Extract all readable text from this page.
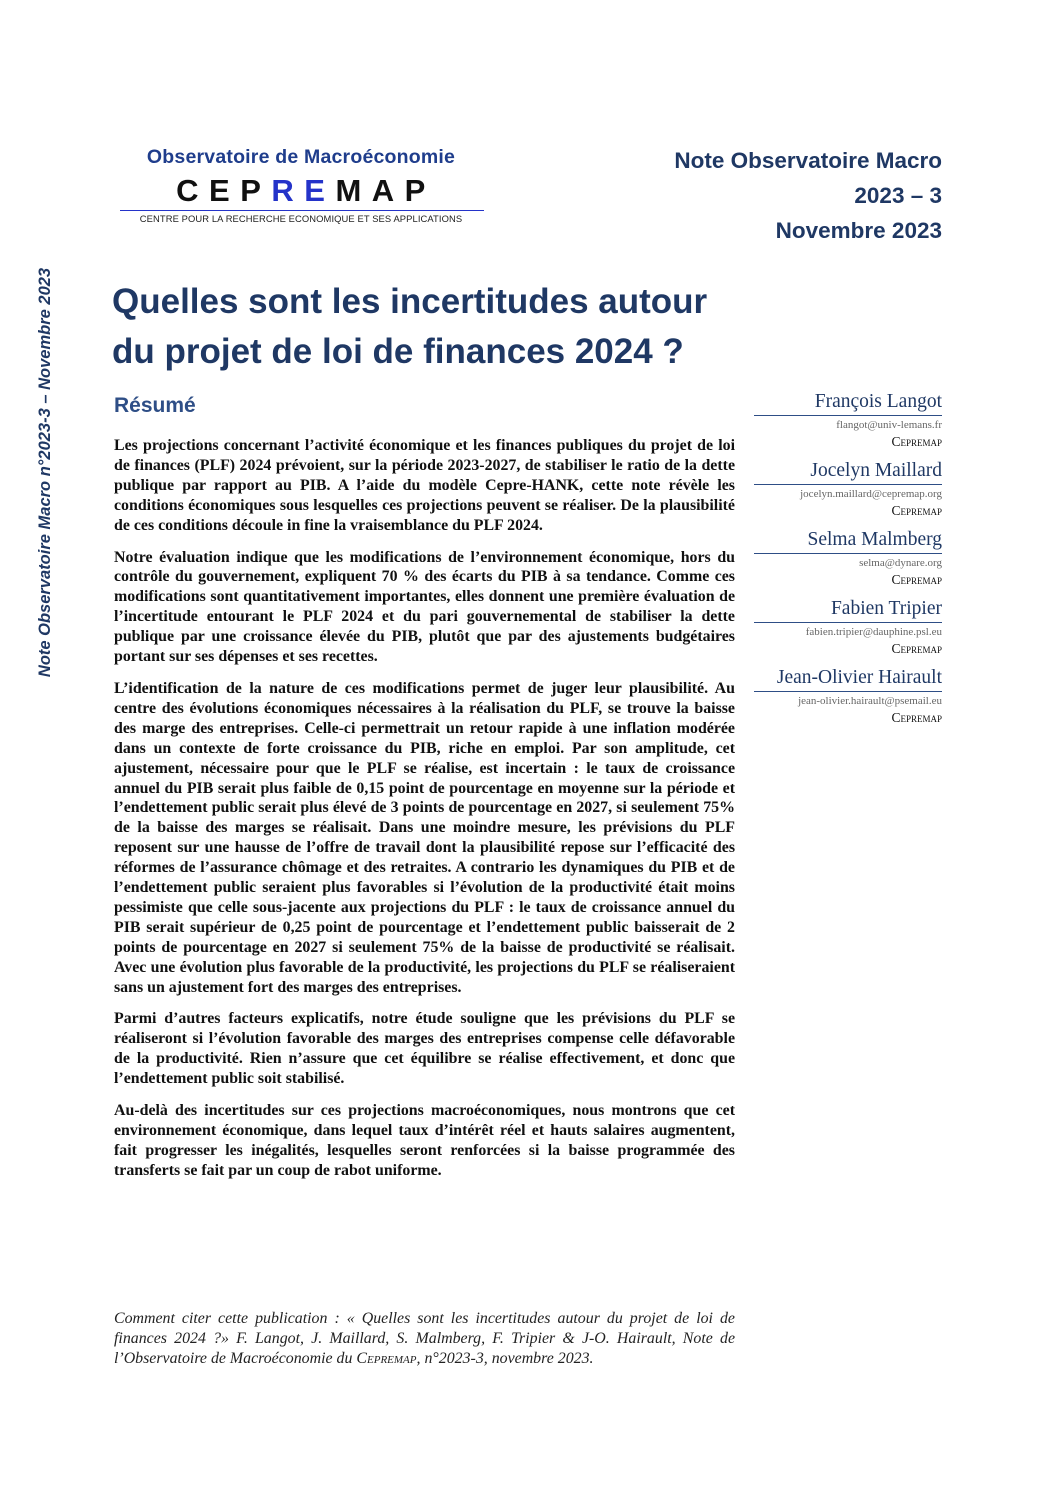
Note Observatoire Macro n°2023-3 – Novembre 2023
Observatoire de Macroéconomie
CEPREMAP
CENTRE POUR LA RECHERCHE ECONOMIQUE ET SES APPLICATIONS
Note Observatoire Macro
2023 – 3
Novembre 2023
Quelles sont les incertitudes autour
du projet de loi de finances 2024 ?
Résumé

Les projections concernant l’activité économique et les finances publiques du projet de loi de finances (PLF) 2024 prévoient, sur la période 2023-2027, de stabiliser le ratio de la dette publique par rapport au PIB. A l’aide du modèle Cepre-HANK, cette note révèle les conditions économiques sous lesquelles ces projections peuvent se réaliser. De la plausibilité de ces conditions découle in fine la vraisemblance du PLF 2024.

Notre évaluation indique que les modifications de l’environnement économique, hors du contrôle du gouvernement, expliquent 70 % des écarts du PIB à sa tendance. Comme ces modifications sont quantitativement importantes, elles donnent une première évaluation de l’incertitude entourant le PLF 2024 et du pari gouvernemental de stabiliser la dette publique par une croissance élevée du PIB, plutôt que par des ajustements budgétaires portant sur ses dépenses et ses recettes.

L’identification de la nature de ces modifications permet de juger leur plausibilité. Au centre des évolutions économiques nécessaires à la réalisation du PLF, se trouve la baisse des marge des entreprises. Celle-ci permettrait un retour rapide à une inflation modérée dans un contexte de forte croissance du PIB, riche en emploi. Par son amplitude, cet ajustement, nécessaire pour que le PLF se réalise, est incertain : le taux de croissance annuel du PIB serait plus faible de 0,15 point de pourcentage en moyenne sur la période et l’endettement public serait plus élevé de 3 points de pourcentage en 2027, si seulement 75% de la baisse des marges se réalisait. Dans une moindre mesure, les prévisions du PLF reposent sur une hausse de l’offre de travail dont la plausibilité repose sur l’efficacité des réformes de l’assurance chômage et des retraites. A contrario les dynamiques du PIB et de l’endettement public seraient plus favorables si l’évolution de la productivité était moins pessimiste que celle sous-jacente aux projections du PLF : le taux de croissance annuel du PIB serait supérieur de 0,25 point de pourcentage et l’endettement public baisserait de 2 points de pourcentage en 2027 si seulement 75% de la baisse de productivité se réalisait. Avec une évolution plus favorable de la productivité, les projections du PLF se réaliseraient sans un ajustement fort des marges des entreprises.

Parmi d’autres facteurs explicatifs, notre étude souligne que les prévisions du PLF se réaliseront si l’évolution favorable des marges des entreprises compense celle défavorable de la productivité. Rien n’assure que cet équilibre se réalise effectivement, et donc que l’endettement public soit stabilisé.

Au-delà des incertitudes sur ces projections macroéconomiques, nous montrons que cet environnement économique, dans lequel taux d’intérêt réel et hauts salaires augmentent, fait progresser les inégalités, lesquelles seront renforcées si la baisse programmée des transferts se fait par un coup de rabot uniforme.

Comment citer cette publication : « Quelles sont les incertitudes autour du projet de loi de finances 2024 ?» F. Langot, J. Maillard, S. Malmberg, F. Tripier & J-O. Hairault, Note de l’Observatoire de Macroéconomie du Cepremap, n°2023-3, novembre 2023.
François Langot
flangot@univ-lemans.fr
Cepremap
Jocelyn Maillard
jocelyn.maillard@cepremap.org
Cepremap
Selma Malmberg
selma@dynare.org
Cepremap
Fabien Tripier
fabien.tripier@dauphine.psl.eu
Cepremap
Jean-Olivier Hairault
jean-olivier.hairault@psemail.eu
Cepremap
